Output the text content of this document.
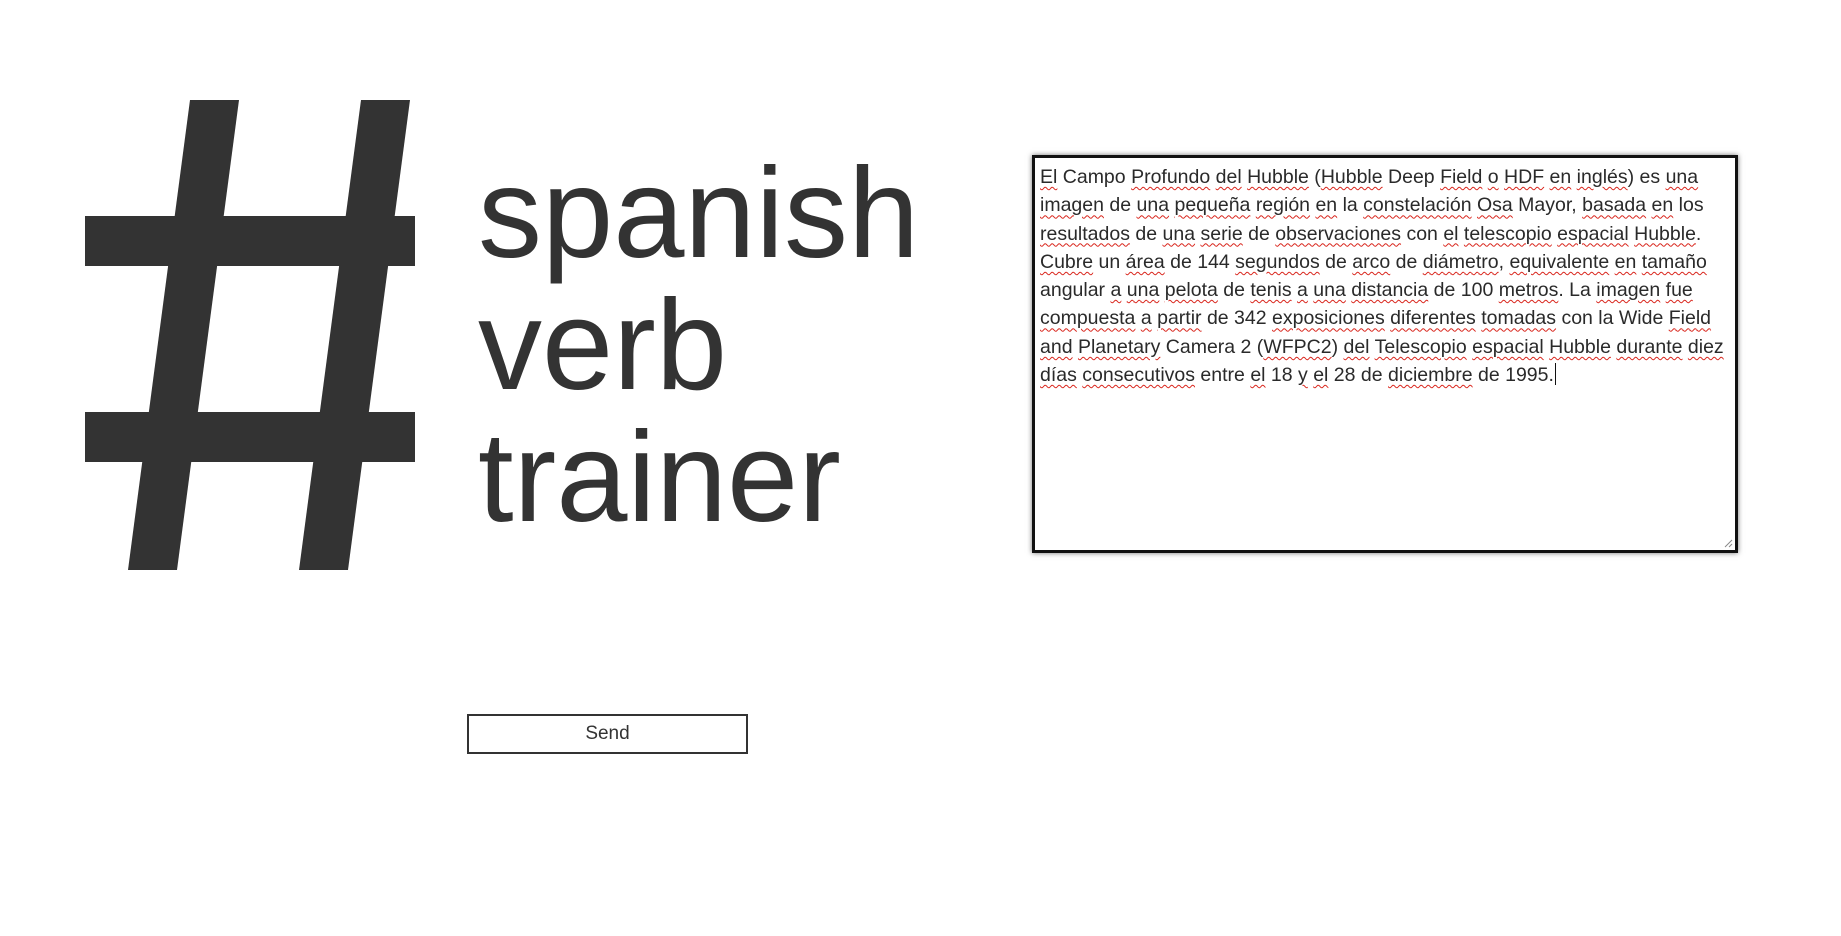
spanish
verb
trainer
El Campo Profundo del Hubble (Hubble Deep Field o HDF en inglés) es una imagen de una pequeña región en la constelación Osa Mayor, basada en los resultados de una serie de observaciones con el telescopio espacial Hubble. Cubre un área de 144 segundos de arco de diámetro, equivalente en tamaño angular a una pelota de tenis a una distancia de 100 metros. La imagen fue compuesta a partir de 342 exposiciones diferentes tomadas con la Wide Field and Planetary Camera 2 (WFPC2) del Telescopio espacial Hubble durante diez días consecutivos entre el 18 y el 28 de diciembre de 1995.
Send
